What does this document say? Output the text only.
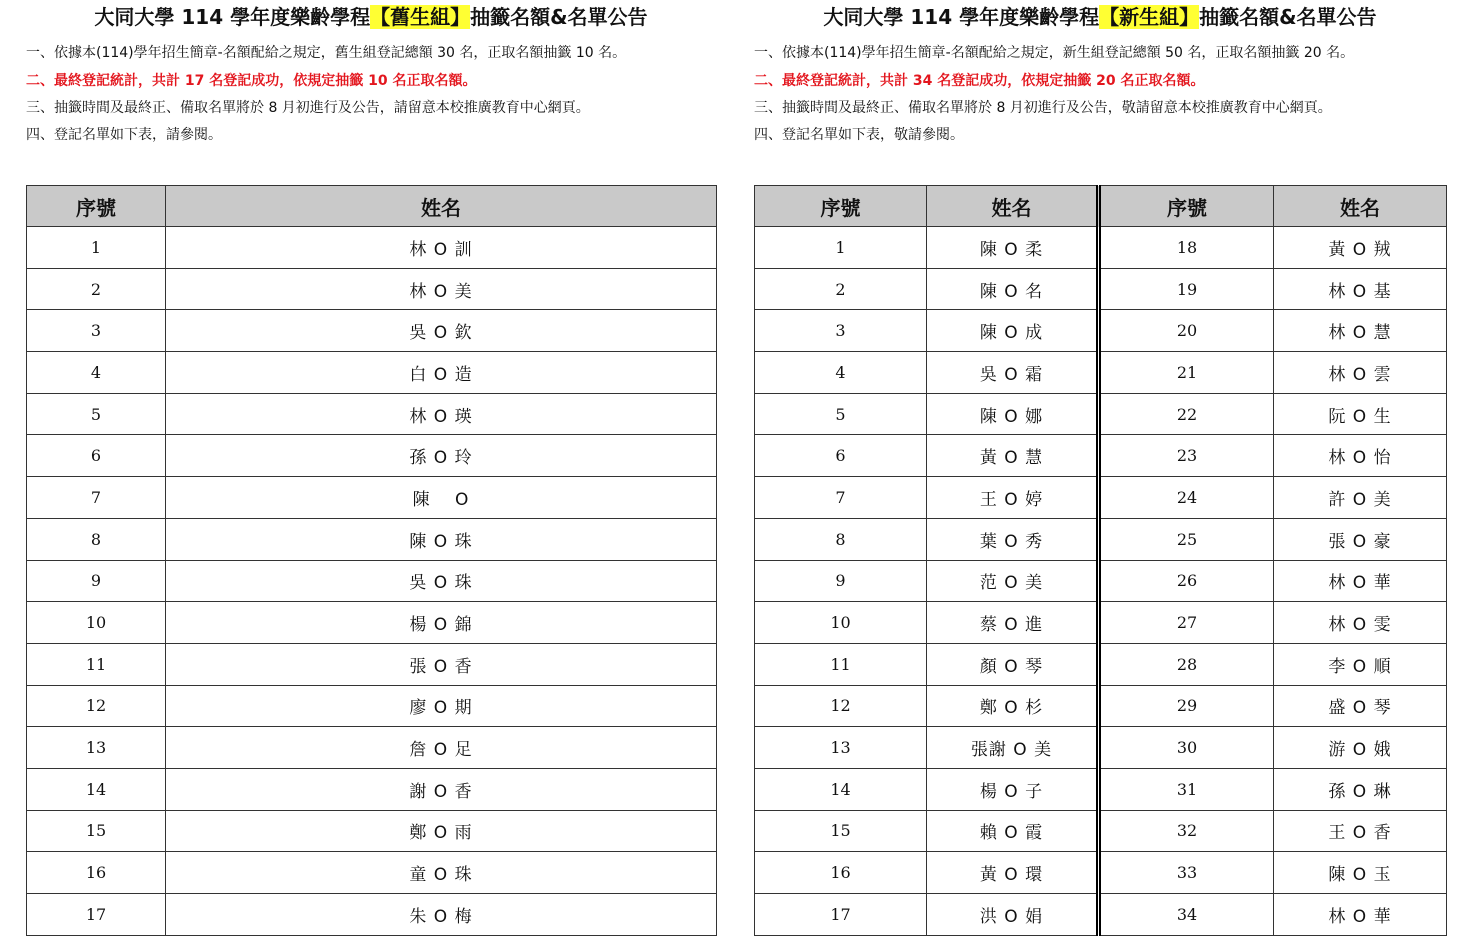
大同大學 114 學年度樂齡學程【舊生組】抽籤名額&名單公告
一、依據本(114)學年招生簡章-名額配給之規定，舊生組登記總額 30 名，正取名額抽籤 10 名。
二、最終登記統計，共計 17 名登記成功，依規定抽籤 10 名正取名額。
三、抽籤時間及最終正、備取名單將於 8 月初進行及公告，請留意本校推廣教育中心網頁。
四、登記名單如下表，請參閱。
序號	姓名
1	林 O 訓
2	林 O 美
3	吳 O 欽
4	白 O 造
5	林 O 瑛
6	孫 O 玲
7	陳　 O
8	陳 O 珠
9	吳 O 珠
10	楊 O 錦
11	張 O 香
12	廖 O 期
13	詹 O 足
14	謝 O 香
15	鄭 O 雨
16	童 O 珠
17	朱 O 梅
大同大學 114 學年度樂齡學程【新生組】抽籤名額&名單公告
一、依據本(114)學年招生簡章-名額配給之規定，新生組登記總額 50 名，正取名額抽籤 20 名。
二、最終登記統計，共計 34 名登記成功，依規定抽籤 20 名正取名額。
三、抽籤時間及最終正、備取名單將於 8 月初進行及公告，敬請留意本校推廣教育中心網頁。
四、登記名單如下表，敬請參閱。
序號	姓名	序號	姓名
1	陳 O 柔	18	黃 O 羢
2	陳 O 名	19	林 O 基
3	陳 O 成	20	林 O 慧
4	吳 O 霜	21	林 O 雲
5	陳 O 娜	22	阮 O 生
6	黃 O 慧	23	林 O 怡
7	王 O 婷	24	許 O 美
8	葉 O 秀	25	張 O 豪
9	范 O 美	26	林 O 華
10	蔡 O 進	27	林 O 雯
11	顏 O 琴	28	李 O 順
12	鄭 O 杉	29	盛 O 琴
13	張謝 O 美	30	游 O 娥
14	楊 O 子	31	孫 O 琳
15	賴 O 霞	32	王 O 香
16	黃 O 環	33	陳 O 玉
17	洪 O 娟	34	林 O 華
